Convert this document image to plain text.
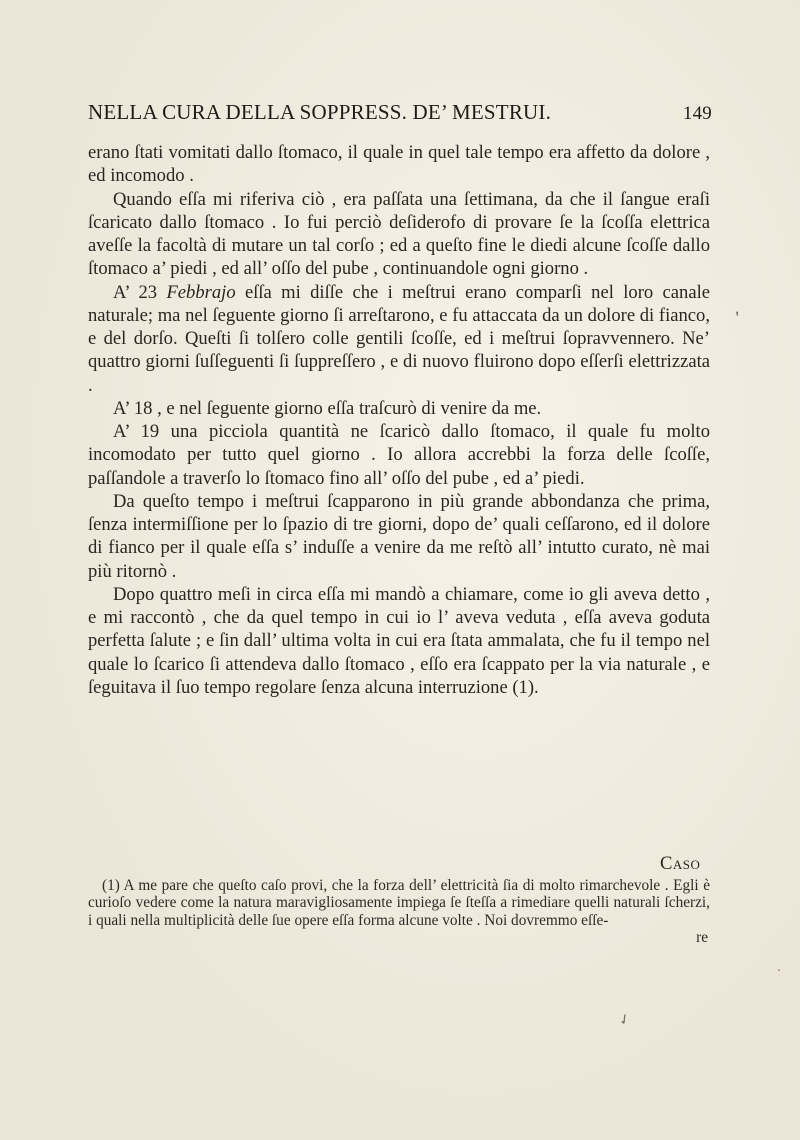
NELLA CURA DELLA SOPPRESS. DE’ MESTRUI.	149

erano ſtati vomitati dallo ſtomaco, il quale in quel tale tempo era affetto da dolore , ed incomodo .

Quando eſſa mi riferiva ciò , era paſſata una ſettimana, da che il ſangue eraſi ſcaricato dallo ſtomaco . Io fui perciò deſiderofo di provare ſe la ſcoſſa elettrica aveſſe la facoltà di mutare un tal corſo ; ed a queſto fine le diedi alcune ſcoſſe dallo ſtomaco a’ piedi , ed all’ oſſo del pube , continuandole ogni giorno .

A’ 23 Febbrajo eſſa mi diſſe che i meſtrui erano comparſi nel loro canale naturale; ma nel ſeguente giorno ſi arreſtarono, e fu attaccata da un dolore di fianco, e del dorſo. Queſti ſi tolſero colle gentili ſcoſſe, ed i meſtrui ſopravvennero. Ne’ quattro giorni ſuſſeguenti ſi ſuppreſſero , e di nuovo fluirono dopo eſſerſi elettrizzata .

A’ 18 , e nel ſeguente giorno eſſa traſcurò di venire da me.

A’ 19 una picciola quantità ne ſcaricò dallo ſtomaco, il quale fu molto incomodato per tutto quel giorno . Io allora accrebbi la forza delle ſcoſſe, paſſandole a traverſo lo ſtomaco fino all’ oſſo del pube , ed a’ piedi.

Da queſto tempo i meſtrui ſcapparono in più grande abbondanza che prima, ſenza intermiſſione per lo ſpazio di tre giorni, dopo de’ quali ceſſarono, ed il dolore di fianco per il quale eſſa s’ induſſe a venire da me reſtò all’ intutto curato, nè mai più ritornò .

Dopo quattro meſi in circa eſſa mi mandò a chiamare, come io gli aveva detto , e mi raccontò , che da quel tempo in cui io l’ aveva veduta , eſſa aveva goduta perfetta ſalute ; e ſin dall’ ultima volta in cui era ſtata ammalata, che fu il tempo nel quale lo ſcarico ſi attendeva dallo ſtomaco , eſſo era ſcappato per la via naturale , e ſeguitava il ſuo tempo regolare ſenza alcuna interruzione (1).

Caso

(1) A me pare che queſto caſo provi, che la forza dell’ elettricità ſia di molto rimarchevole . Egli è curioſo vedere come la natura maravigliosamente impiega ſe ſteſſa a rimediare quelli naturali ſcherzi, i quali nella multiplicità delle ſue opere eſſa forma alcune volte . Noi dovremmo eſſe-

re
,
.
✓
